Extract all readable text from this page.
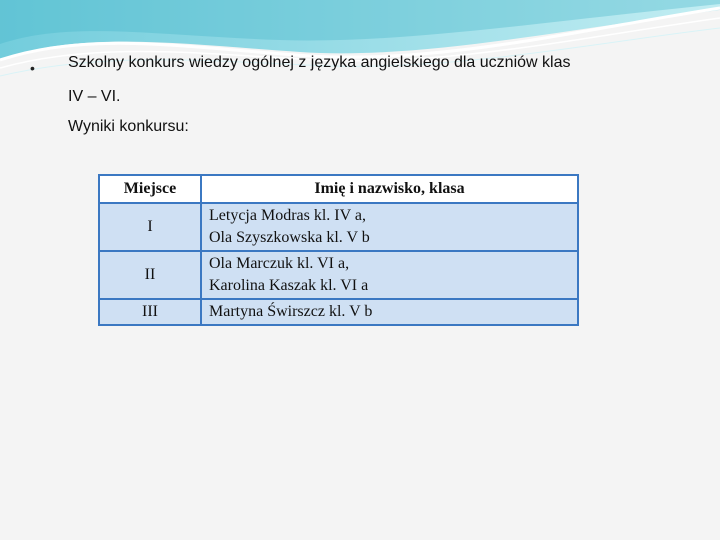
• Szkolny konkurs wiedzy ogólnej z języka angielskiego dla uczniów klas
IV – VI.
Wyniki konkursu:
Miejsce	Imię i nazwisko, klasa
I	Letycja Modras kl. IV a,
Ola Szyszkowska kl. V b

II	Ola Marczuk kl. VI a,
Karolina Kaszak kl. VI a

III	Martyna Świrszcz kl. V b
